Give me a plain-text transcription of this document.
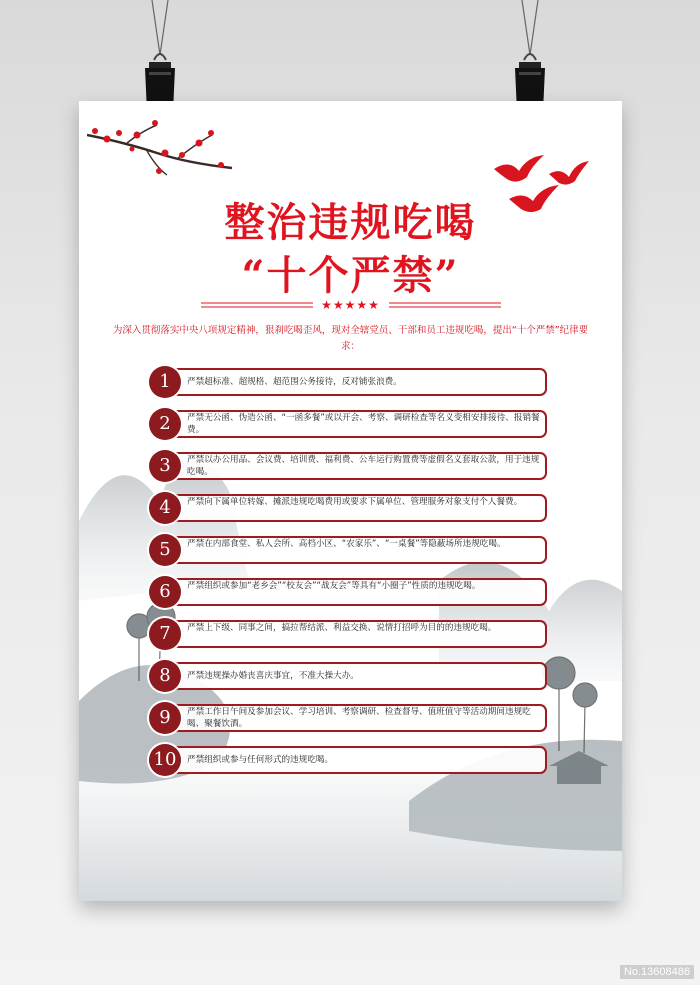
整治违规吃喝
“十个严禁”
★★★★★
为深入贯彻落实中央八项规定精神，狠刹吃喝歪风，现对全辖党员、干部和员工违规吃喝，提出“十个严禁”纪律要求：
1	严禁超标准、超规格、超范围公务接待，反对铺张浪费。
2	严禁无公函、伪造公函、“一函多餐”或以开会、考察、调研检查等名义变相安排接待、报销餐费。
3	严禁以办公用品、会议费、培训费、福利费、公车运行购置费等虚假名义套取公款，用于违规吃喝。
4	严禁向下属单位转嫁、摊派违规吃喝费用或要求下属单位、管理服务对象支付个人餐费。
5	严禁在内部食堂、私人会所、高档小区、“农家乐”、“一桌餐”等隐蔽场所违规吃喝。
6	严禁组织或参加“老乡会”“校友会”“战友会”等具有“小圈子”性质的违规吃喝。
7	严禁上下级、同事之间，搞拉帮结派、利益交换、说情打招呼为目的的违规吃喝。
8	严禁违规操办婚丧喜庆事宜，不准大操大办。
9	严禁工作日午间及参加会议、学习培训、考察调研、检查督导、值班值守等活动期间违规吃喝、聚餐饮酒。
10	严禁组织或参与任何形式的违规吃喝。
No.13608486
